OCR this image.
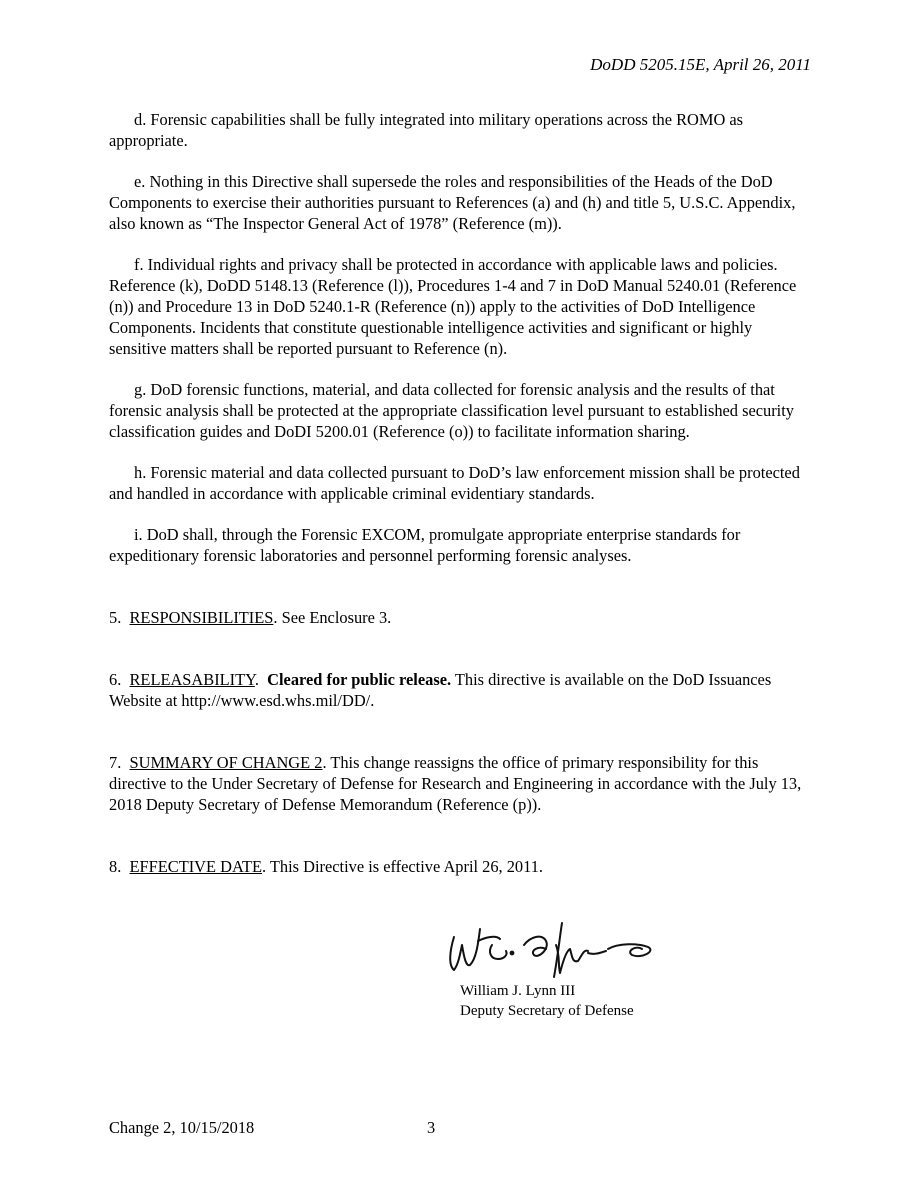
DoDD 5205.15E, April 26, 2011

d. Forensic capabilities shall be fully integrated into military operations across the ROMO as appropriate.

e. Nothing in this Directive shall supersede the roles and responsibilities of the Heads of the DoD Components to exercise their authorities pursuant to References (a) and (h) and title 5, U.S.C. Appendix, also known as “The Inspector General Act of 1978” (Reference (m)).

f. Individual rights and privacy shall be protected in accordance with applicable laws and policies. Reference (k), DoDD 5148.13 (Reference (l)), Procedures 1-4 and 7 in DoD Manual 5240.01 (Reference (n)) and Procedure 13 in DoD 5240.1-R (Reference (n)) apply to the activities of DoD Intelligence Components. Incidents that constitute questionable intelligence activities and significant or highly sensitive matters shall be reported pursuant to Reference (n).

g. DoD forensic functions, material, and data collected for forensic analysis and the results of that forensic analysis shall be protected at the appropriate classification level pursuant to established security classification guides and DoDI 5200.01 (Reference (o)) to facilitate information sharing.

h. Forensic material and data collected pursuant to DoD’s law enforcement mission shall be protected and handled in accordance with applicable criminal evidentiary standards.

i. DoD shall, through the Forensic EXCOM, promulgate appropriate enterprise standards for expeditionary forensic laboratories and personnel performing forensic analyses.

5. RESPONSIBILITIES. See Enclosure 3.

6. RELEASABILITY.  Cleared for public release. This directive is available on the DoD Issuances Website at http://www.esd.whs.mil/DD/.

7. SUMMARY OF CHANGE 2. This change reassigns the office of primary responsibility for this directive to the Under Secretary of Defense for Research and Engineering in accordance with the July 13, 2018 Deputy Secretary of Defense Memorandum (Reference (p)).

8. EFFECTIVE DATE. This Directive is effective April 26, 2011.

William J. Lynn III
Deputy Secretary of Defense
Change 2, 10/15/2018	3
